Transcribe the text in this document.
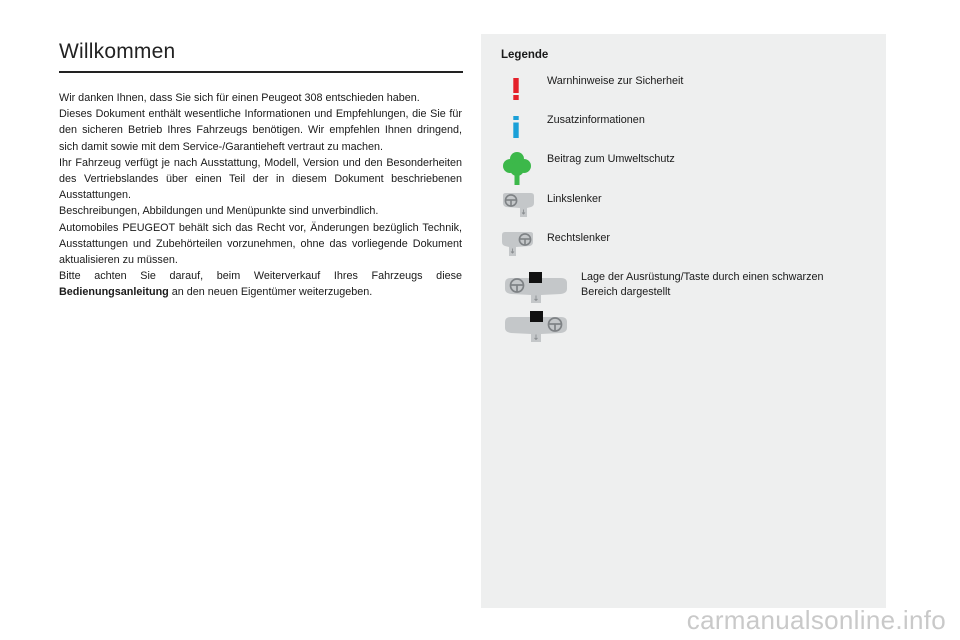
Willkommen

Wir danken Ihnen, dass Sie sich für einen Peugeot 308 entschieden haben.

Dieses Dokument enthält wesentliche Informationen und Empfehlungen, die Sie für den sicheren Betrieb Ihres Fahrzeugs benötigen. Wir empfehlen Ihnen dringend, sich damit sowie mit dem Service-/Garantieheft vertraut zu machen.

Ihr Fahrzeug verfügt je nach Ausstattung, Modell, Version und den Besonderheiten des Vertriebslandes über einen Teil der in diesem Dokument beschriebenen Ausstattungen.

Beschreibungen, Abbildungen und Menüpunkte sind unverbindlich.

Automobiles PEUGEOT behält sich das Recht vor, Änderungen bezüglich Technik, Ausstattungen und Zubehörteilen vorzunehmen, ohne das vorliegende Dokument aktualisieren zu müssen.

Bitte achten Sie darauf, beim Weiterverkauf Ihres Fahrzeugs diese Bedienungsanleitung an den neuen Eigentümer weiterzugeben.

Legende
Warnhinweise zur Sicherheit
Zusatzinformationen
Beitrag zum Umweltschutz
Linkslenker
Rechtslenker
Lage der Ausrüstung/Taste durch einen schwarzen Bereich dargestellt
carmanualsonline.info
